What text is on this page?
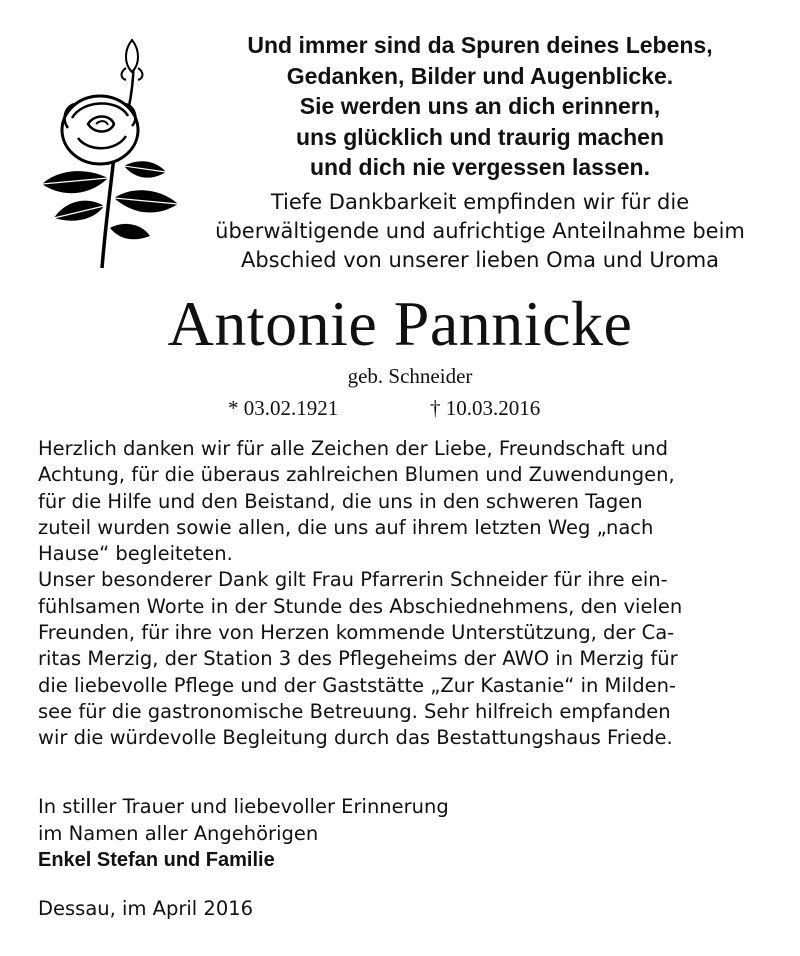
Und immer sind da Spuren deines Lebens,
Gedanken, Bilder und Augenblicke.
Sie werden uns an dich erinnern,
uns glücklich und traurig machen
und dich nie vergessen lassen.
Tiefe Dankbarkeit empfinden wir für die
überwältigende und aufrichtige Anteilnahme beim
Abschied von unserer lieben Oma und Uroma
Antonie Pannicke
geb. Schneider
* 03.02.1921	† 10.03.2016
Herzlich danken wir für alle Zeichen der Liebe, Freundschaft und
Achtung, für die überaus zahlreichen Blumen und Zuwendungen,
für die Hilfe und den Beistand, die uns in den schweren Tagen
zuteil wurden sowie allen, die uns auf ihrem letzten Weg „nach
Hause“ begleiteten.
Unser besonderer Dank gilt Frau Pfarrerin Schneider für ihre ein-
fühlsamen Worte in der Stunde des Abschiednehmens, den vielen
Freunden, für ihre von Herzen kommende Unterstützung, der Ca-
ritas Merzig, der Station 3 des Pflegeheims der AWO in Merzig für
die liebevolle Pflege und der Gaststätte „Zur Kastanie“ in Milden-
see für die gastronomische Betreuung. Sehr hilfreich empfanden
wir die würdevolle Begleitung durch das Bestattungshaus Friede.
In stiller Trauer und liebevoller Erinnerung
im Namen aller Angehörigen
Enkel Stefan und Familie
Dessau, im April 2016
